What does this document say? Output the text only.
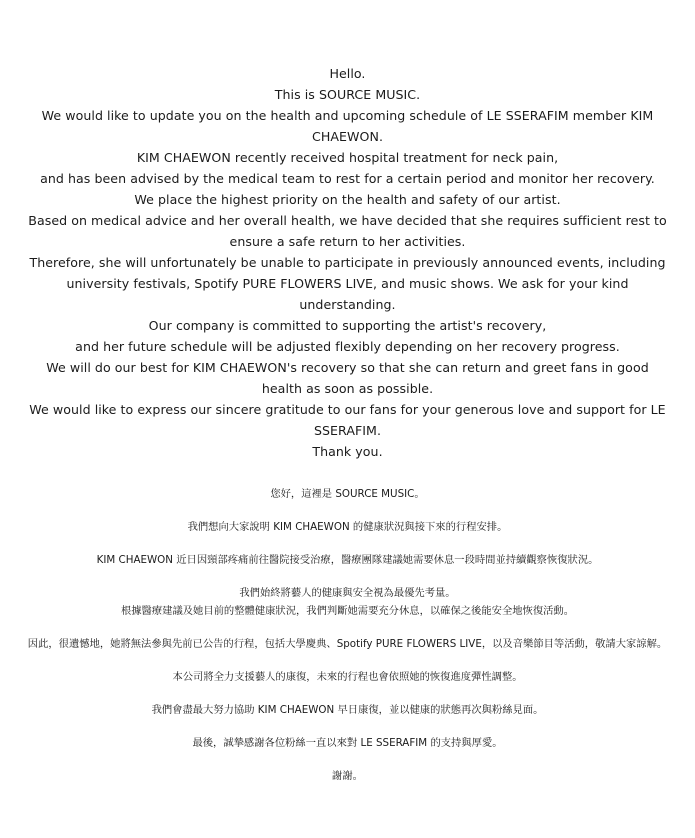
Hello.
This is SOURCE MUSIC.
We would like to update you on the health and upcoming schedule of LE SSERAFIM member KIM
CHAEWON.
KIM CHAEWON recently received hospital treatment for neck pain,
and has been advised by the medical team to rest for a certain period and monitor her recovery.
We place the highest priority on the health and safety of our artist.
Based on medical advice and her overall health, we have decided that she requires sufficient rest to
ensure a safe return to her activities.
Therefore, she will unfortunately be unable to participate in previously announced events, including
university festivals, Spotify PURE FLOWERS LIVE, and music shows. We ask for your kind
understanding.
Our company is committed to supporting the artist's recovery,
and her future schedule will be adjusted flexibly depending on her recovery progress.
We will do our best for KIM CHAEWON's recovery so that she can return and greet fans in good
health as soon as possible.
We would like to express our sincere gratitude to our fans for your generous love and support for LE
SSERAFIM.
Thank you.
您好，這裡是 SOURCE MUSIC。
我們想向大家說明 KIM CHAEWON 的健康狀況與接下來的行程安排。
KIM CHAEWON 近日因頸部疼痛前往醫院接受治療，醫療團隊建議她需要休息一段時間並持續觀察恢復狀況。
我們始終將藝人的健康與安全視為最優先考量。
根據醫療建議及她目前的整體健康狀況，我們判斷她需要充分休息，以確保之後能安全地恢復活動。
因此，很遺憾地，她將無法參與先前已公告的行程，包括大學慶典、Spotify PURE FLOWERS LIVE，以及音樂節目等活動，敬請大家諒解。
本公司將全力支援藝人的康復，未來的行程也會依照她的恢復進度彈性調整。
我們會盡最大努力協助 KIM CHAEWON 早日康復，並以健康的狀態再次與粉絲見面。
最後，誠摯感謝各位粉絲一直以來對 LE SSERAFIM 的支持與厚愛。
謝謝。
